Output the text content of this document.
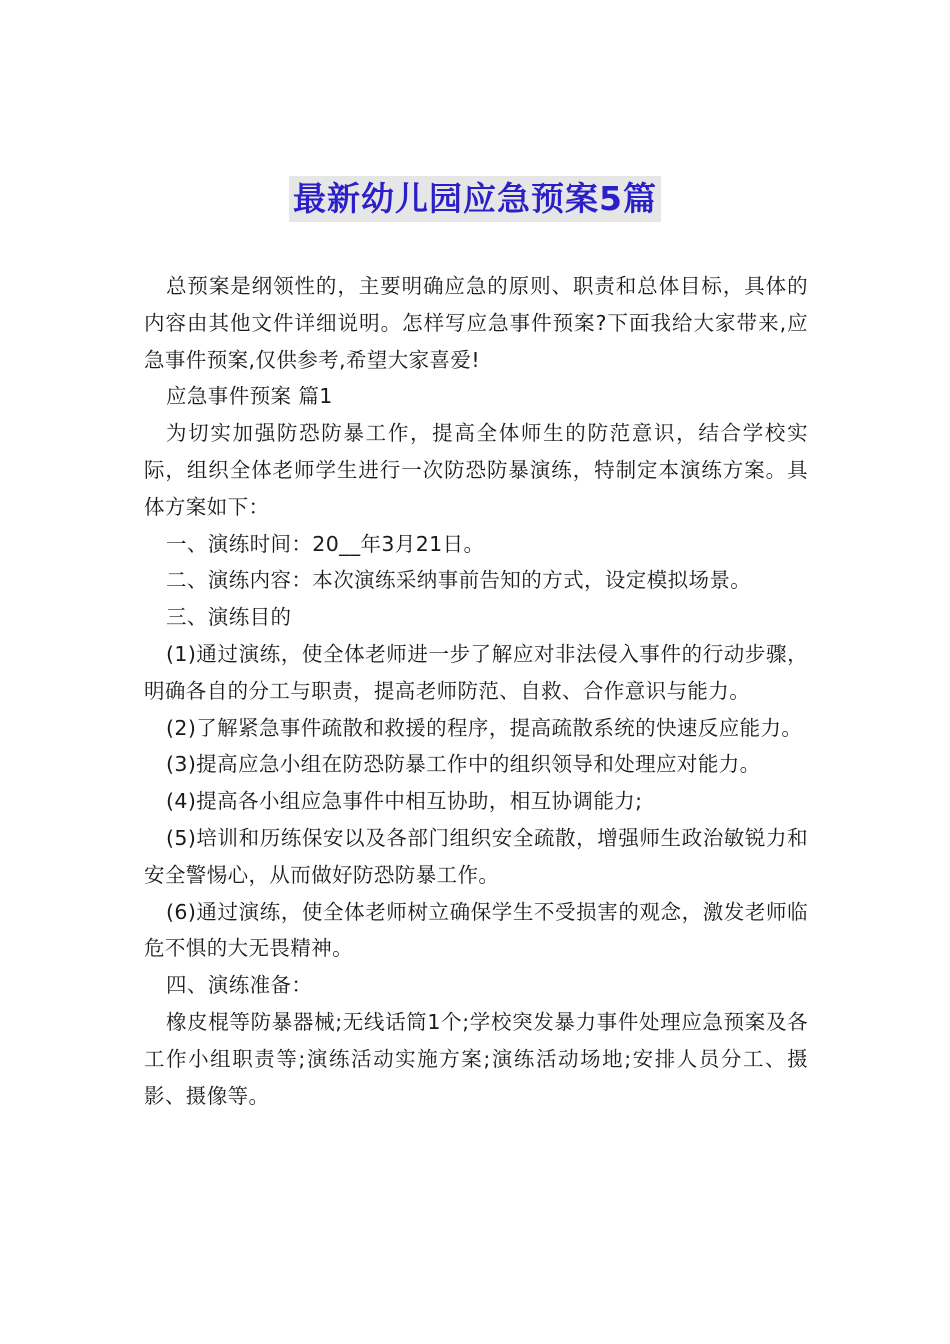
最新幼儿园应急预案5篇

总预案是纲领性的，主要明确应急的原则、职责和总体目标，具体的内容由其他文件详细说明。怎样写应急事件预案?下面我给大家带来,应急事件预案,仅供参考,希望大家喜爱!

应急事件预案 篇1

为切实加强防恐防暴工作，提高全体师生的防范意识，结合学校实际，组织全体老师学生进行一次防恐防暴演练，特制定本演练方案。具体方案如下：

一、演练时间：20__年3月21日。

二、演练内容：本次演练采纳事前告知的方式，设定模拟场景。

三、演练目的

(1)通过演练，使全体老师进一步了解应对非法侵入事件的行动步骤，明确各自的分工与职责，提高老师防范、自救、合作意识与能力。

(2)了解紧急事件疏散和救援的程序，提高疏散系统的快速反应能力。

(3)提高应急小组在防恐防暴工作中的组织领导和处理应对能力。

(4)提高各小组应急事件中相互协助，相互协调能力;

(5)培训和历练保安以及各部门组织安全疏散，增强师生政治敏锐力和安全警惕心，从而做好防恐防暴工作。

(6)通过演练，使全体老师树立确保学生不受损害的观念，激发老师临危不惧的大无畏精神。

四、演练准备：

橡皮棍等防暴器械;无线话筒1个;学校突发暴力事件处理应急预案及各工作小组职责等;演练活动实施方案;演练活动场地;安排人员分工、摄影、摄像等。
